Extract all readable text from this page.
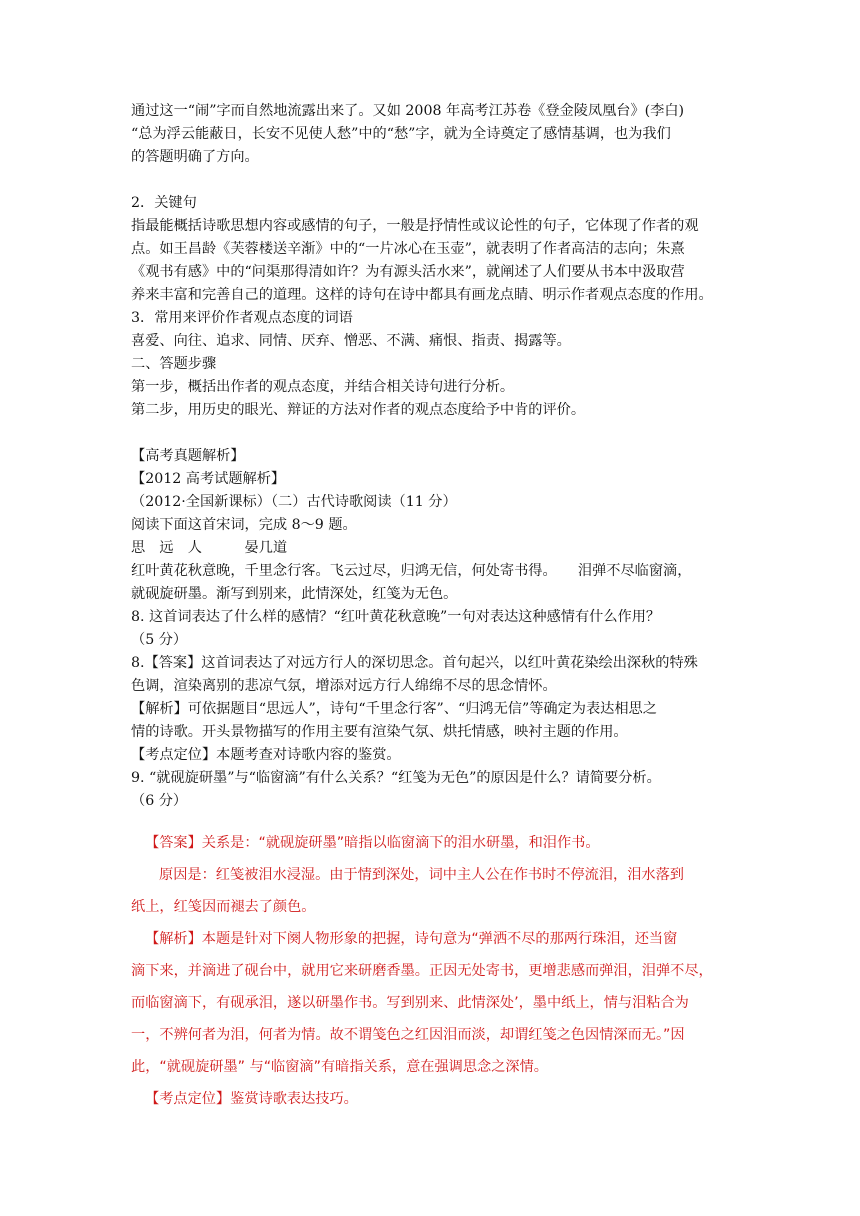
通过这一“闹”字而自然地流露出来了。又如 2008 年高考江苏卷《登金陵凤凰台》(李白)
“总为浮云能蔽日，长安不见使人愁”中的“愁”字，就为全诗奠定了感情基调，也为我们
的答题明确了方向。
2．关键句
指最能概括诗歌思想内容或感情的句子，一般是抒情性或议论性的句子，它体现了作者的观
点。如王昌龄《芙蓉楼送辛渐》中的“一片冰心在玉壶”，就表明了作者高洁的志向；朱熹
《观书有感》中的“问渠那得清如许？为有源头活水来”，就阐述了人们要从书本中汲取营
养来丰富和完善自己的道理。这样的诗句在诗中都具有画龙点睛、明示作者观点态度的作用。
3．常用来评价作者观点态度的词语
喜爱、向往、追求、同情、厌弃、憎恶、不满、痛恨、指责、揭露等。
二、答题步骤
第一步，概括出作者的观点态度，并结合相关诗句进行分析。
第二步，用历史的眼光、辩证的方法对作者的观点态度给予中肯的评价。
【高考真题解析】
【2012 高考试题解析】
（2012·全国新课标）（二）古代诗歌阅读（11 分）
阅读下面这首宋词，完成 8～9 题。
思　远　人　　　晏几道
红叶黄花秋意晚，千里念行客。飞云过尽，归鸿无信，何处寄书得。　　泪弹不尽临窗滴，
就砚旋研墨。渐写到别来，此情深处，红笺为无色。
8. 这首词表达了什么样的感情？“红叶黄花秋意晚”一句对表达这种感情有什么作用？
（5 分）
8.【答案】这首词表达了对远方行人的深切思念。首句起兴，以红叶黄花染绘出深秋的特殊
色调，渲染离别的悲凉气氛，增添对远方行人绵绵不尽的思念情怀。
【解析】可依据题目“思远人”，诗句“千里念行客”、“归鸿无信”等确定为表达相思之
情的诗歌。开头景物描写的作用主要有渲染气氛、烘托情感，映衬主题的作用。
【考点定位】本题考查对诗歌内容的鉴赏。
9. “就砚旋研墨”与“临窗滴”有什么关系？“红笺为无色”的原因是什么？请简要分析。
（6 分）
【答案】关系是：“就砚旋研墨”暗指以临窗滴下的泪水研墨，和泪作书。
原因是：红笺被泪水浸湿。由于情到深处，词中主人公在作书时不停流泪，泪水落到
纸上，红笺因而褪去了颜色。
【解析】本题是针对下阕人物形象的把握，诗句意为“弹洒不尽的那两行珠泪，还当窗
滴下来，并滴进了砚台中，就用它来研磨香墨。正因无处寄书，更增悲感而弹泪，泪弹不尽，
而临窗滴下，有砚承泪，遂以研墨作书。写到别来、此情深处’，墨中纸上，情与泪粘合为
一，不辨何者为泪，何者为情。故不谓笺色之红因泪而淡，却谓红笺之色因情深而无。”因
此，“就砚旋研墨” 与“临窗滴”有暗指关系，意在强调思念之深情。
【考点定位】鉴赏诗歌表达技巧。
